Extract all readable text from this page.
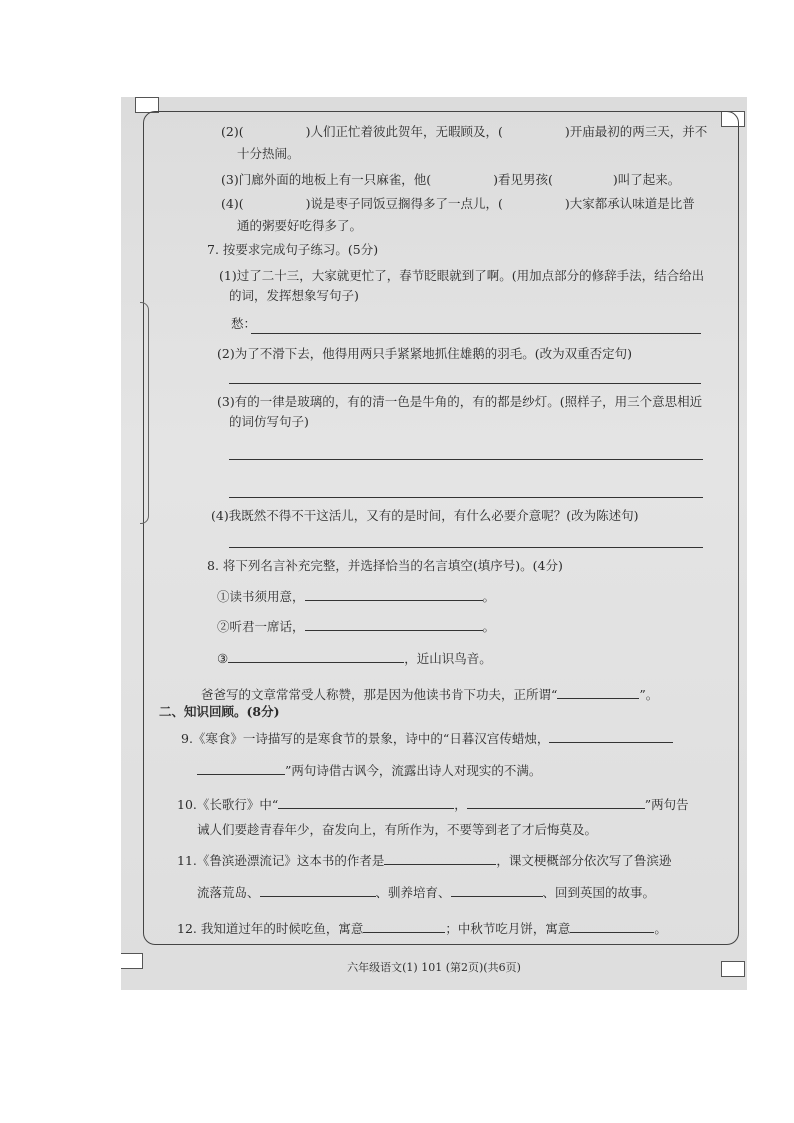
(2)(	)人们正忙着彼此贺年，无暇顾及，(	)开庙最初的两三天，并不
十分热闹。
(3)门廊外面的地板上有一只麻雀，他(	)看见男孩(	)叫了起来。
(4)(	)说是枣子同饭豆搁得多了一点儿，(	)大家都承认味道是比普
通的粥要好吃得多了。
7. 按要求完成句子练习。(5分)
(1)过了二十三，大家就更忙了，春节眨眼就到了啊。(用加点部分的修辞手法，结合给出
的词，发挥想象写句子)
愁：
(2)为了不滑下去，他得用两只手紧紧地抓住雄鹅的羽毛。(改为双重否定句)
(3)有的一律是玻璃的，有的清一色是牛角的，有的都是纱灯。(照样子，用三个意思相近
的词仿写句子)
(4)我既然不得不干这活儿，又有的是时间，有什么必要介意呢？(改为陈述句)
8. 将下列名言补充完整，并选择恰当的名言填空(填序号)。(4分)
①读书须用意，	。
②听君一席话，	。
③	，近山识鸟音。
爸爸写的文章常常受人称赞，那是因为他读书肯下功夫，正所谓“	”。
二、知识回顾。(8分)
9.《寒食》一诗描写的是寒食节的景象，诗中的“日暮汉宫传蜡烛，
”两句诗借古讽今，流露出诗人对现实的不满。
10.《长歌行》中“	，	”两句告
诫人们要趁青春年少，奋发向上，有所作为，不要等到老了才后悔莫及。
11.《鲁滨逊漂流记》这本书的作者是	，课文梗概部分依次写了鲁滨逊
流落荒岛、	、驯养培育、	、回到英国的故事。
12. 我知道过年的时候吃鱼，寓意	；中秋节吃月饼，寓意	。
六年级语文(1) 101 (第2页)(共6页)
